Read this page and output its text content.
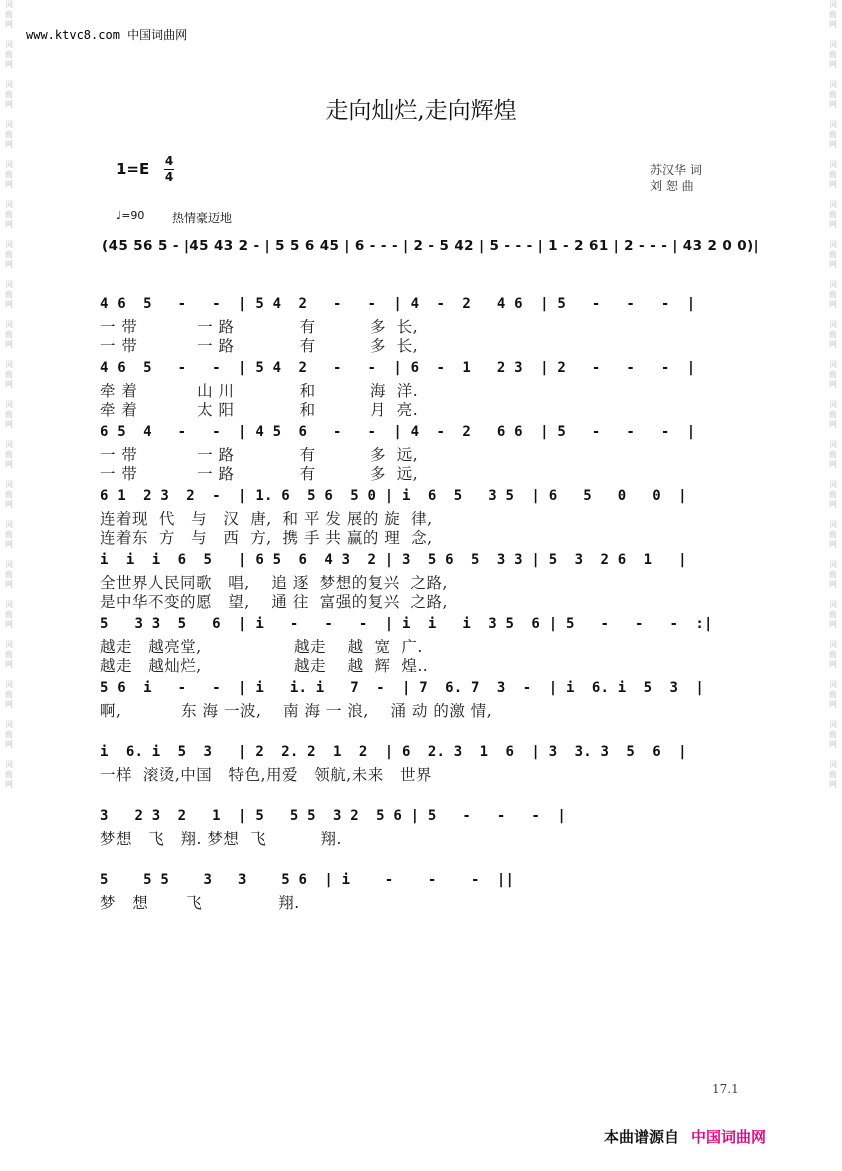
词
曲
网

词
曲
网

词
曲
网

词
曲
网

词
曲
网

词
曲
网

词
曲
网

词
曲
网

词
曲
网

词
曲
网

词
曲
网

词
曲
网

词
曲
网

词
曲
网

词
曲
网

词
曲
网

词
曲
网

词
曲
网

词
曲
网

词
曲
网
词
曲
网

词
曲
网

词
曲
网

词
曲
网

词
曲
网

词
曲
网

词
曲
网

词
曲
网

词
曲
网

词
曲
网

词
曲
网

词
曲
网

词
曲
网

词
曲
网

词
曲
网

词
曲
网

词
曲
网

词
曲
网

词
曲
网

词
曲
网
www.ktvc8.com 中国词曲网
走向灿烂,走向辉煌
1=E 4
4	苏汉华 词
刘 恕 曲
♩=90 热情豪迈地
(45 56 5 - |45 43 2 - | 5 5 6 45 | 6 - - - | 2 - 5 42 | 5 - - - | 1 - 2 61 | 2 - - - | 43 2 0 0)|
4 6  5   -   -  | 5 4  2   -   -  | 4  -  2   4 6  | 5   -   -   -  |
一 带           一 路            有          多  长,
一 带           一 路            有          多  长,
4 6  5   -   -  | 5 4  2   -   -  | 6  -  1   2 3  | 2   -   -   -  |
牵 着           山 川            和          海  洋.
牵 着           太 阳            和          月  亮.
6 5  4   -   -  | 4 5  6   -   -  | 4  -  2   6 6  | 5   -   -   -  |
一 带           一 路            有          多  远,
一 带           一 路            有          多  远,
6 1  2 3  2  -  | 1. 6  5 6  5 0 | i  6  5   3 5  | 6   5   0   0  |
连着现  代   与   汉  唐,  和 平 发 展的 旋  律,
连着东  方   与   西  方,  携 手 共 赢的 理  念,
i  i  i  6  5   | 6 5  6  4 3  2 | 3  5 6  5  3 3 | 5  3  2 6  1   |
全世界人民同歌   唱,    追 逐  梦想的复兴  之路,
是中华不变的愿   望,    通 往  富强的复兴  之路,
5   3 3  5   6  | i   -   -   -  | i  i   i  3 5  6 | 5   -   -   -  :|
越走   越亮堂,                 越走    越  宽  广.
越走   越灿烂,                 越走    越  辉  煌..
5 6  i   -   -  | i   i. i   7  -  | 7  6. 7  3  -  | i  6. i  5  3  |
啊,           东 海 一波,    南 海 一 浪,    涌 动 的激 情,
i  6. i  5  3   | 2  2. 2  1  2  | 6  2. 3  1  6  | 3  3. 3  5  6  |
一样  滚烫,中国   特色,用爱   领航,未来   世界
3   2 3  2   1  | 5   5 5  3 2  5 6 | 5   -   -   -  |
梦想   飞   翔. 梦想  飞          翔.
5    5 5    3   3    5 6  | i    -    -    -  ||
梦   想       飞              翔.
17.1
本曲谱源自 中国词曲网
